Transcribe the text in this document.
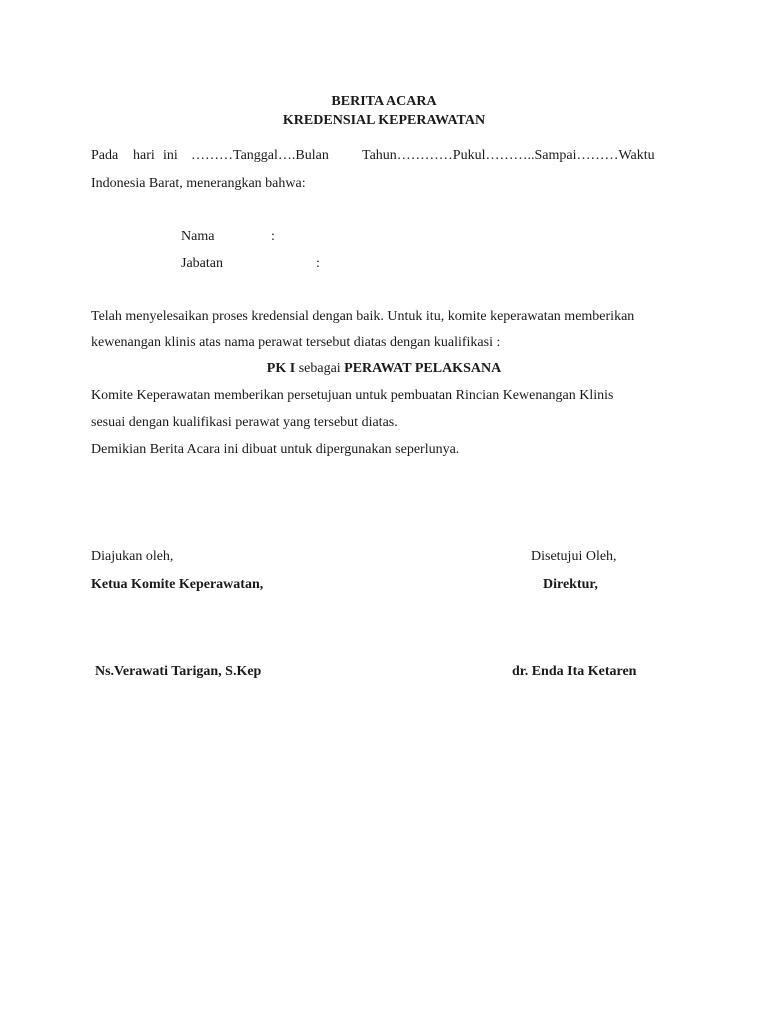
BERITA ACARA
KREDENSIAL KEPERAWATAN
Pada hari ini ………Tanggal….Bulan Tahun…………Pukul………..Sampai………Waktu
Indonesia Barat, menerangkan bahwa:
Nama	:
Jabatan	:
Telah menyelesaikan proses kredensial dengan baik. Untuk itu, komite keperawatan memberikan
kewenangan klinis atas nama perawat tersebut diatas dengan kualifikasi :
PK I sebagai PERAWAT PELAKSANA
Komite Keperawatan memberikan persetujuan untuk pembuatan Rincian Kewenangan Klinis
sesuai dengan kualifikasi perawat yang tersebut diatas.
Demikian Berita Acara ini dibuat untuk dipergunakan seperlunya.
Diajukan oleh,
Ketua Komite Keperawatan,
Ns.Verawati Tarigan, S.Kep
Disetujui Oleh,
Direktur,
dr. Enda Ita Ketaren
